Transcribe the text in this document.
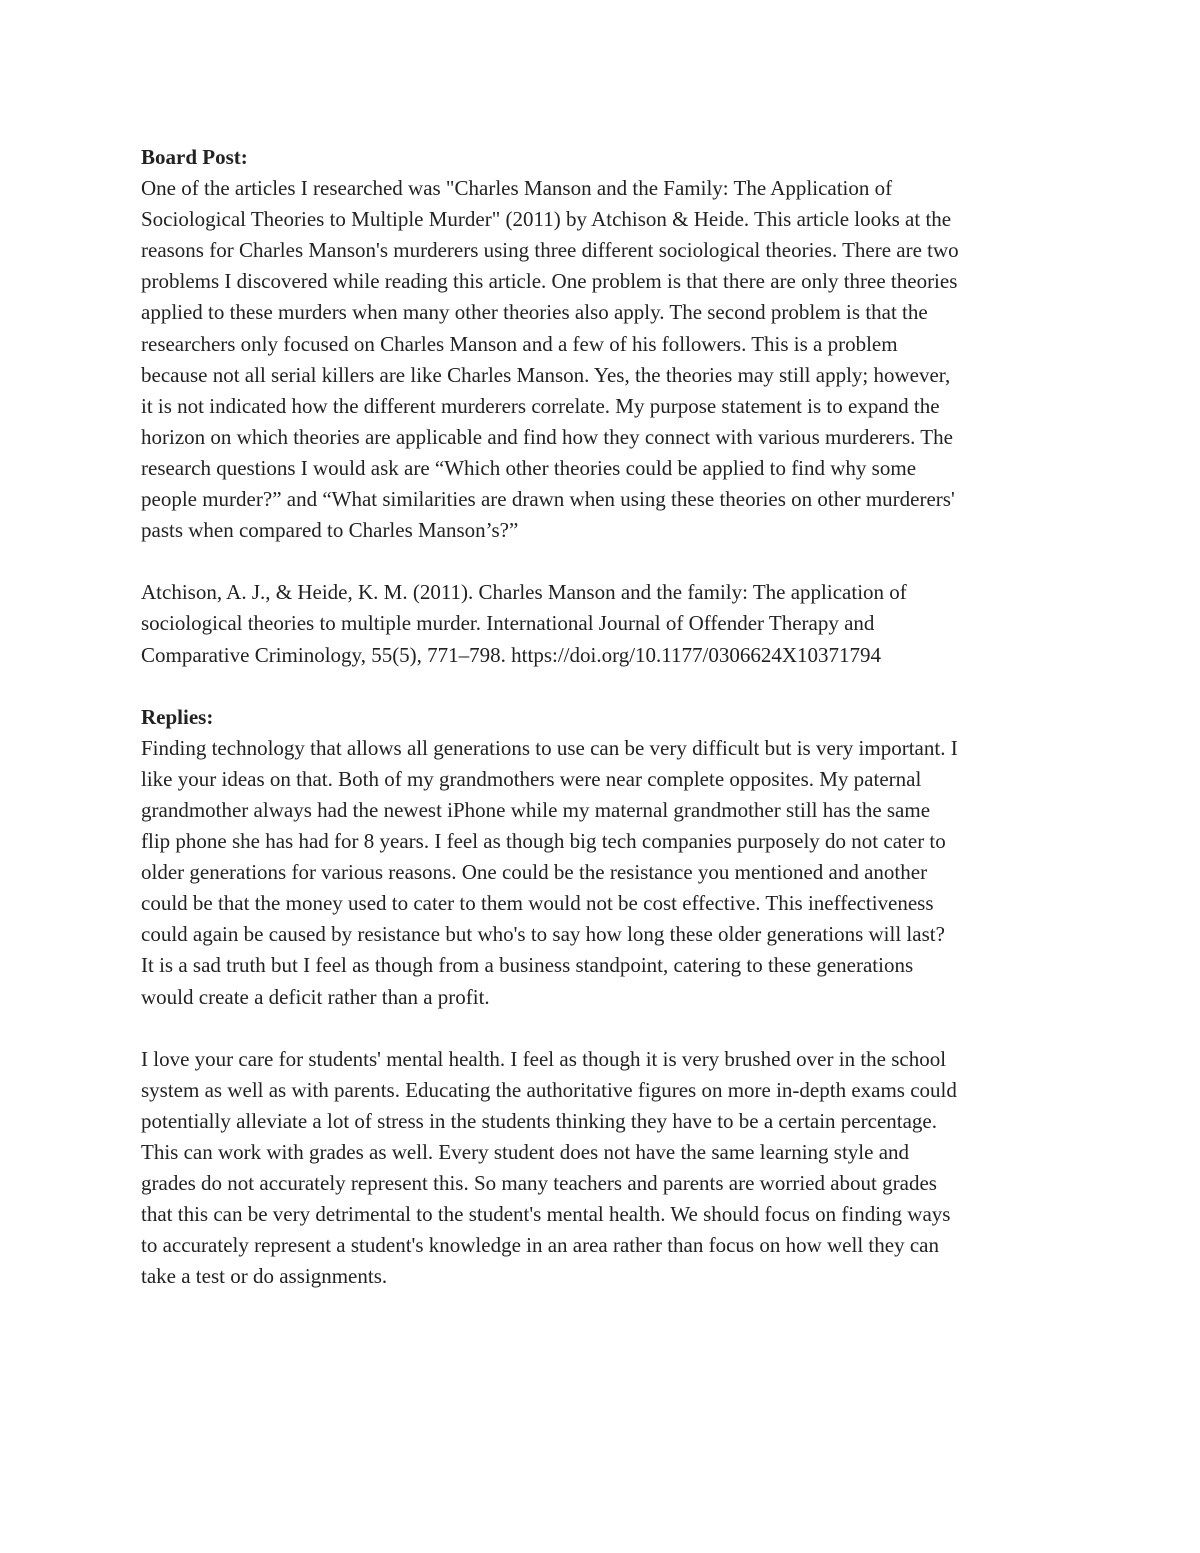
Board Post:

One of the articles I researched was "Charles Manson and the Family: The Application of
Sociological Theories to Multiple Murder" (2011) by Atchison & Heide. This article looks at the
reasons for Charles Manson's murderers using three different sociological theories. There are two
problems I discovered while reading this article. One problem is that there are only three theories
applied to these murders when many other theories also apply. The second problem is that the
researchers only focused on Charles Manson and a few of his followers. This is a problem
because not all serial killers are like Charles Manson. Yes, the theories may still apply; however,
it is not indicated how the different murderers correlate. My purpose statement is to expand the
horizon on which theories are applicable and find how they connect with various murderers. The
research questions I would ask are “Which other theories could be applied to find why some
people murder?” and “What similarities are drawn when using these theories on other murderers'
pasts when compared to Charles Manson’s?”

Atchison, A. J., & Heide, K. M. (2011). Charles Manson and the family: The application of
sociological theories to multiple murder. International Journal of Offender Therapy and
Comparative Criminology, 55(5), 771–798. https://doi.org/10.1177/0306624X10371794

Replies:

Finding technology that allows all generations to use can be very difficult but is very important. I
like your ideas on that. Both of my grandmothers were near complete opposites. My paternal
grandmother always had the newest iPhone while my maternal grandmother still has the same
flip phone she has had for 8 years. I feel as though big tech companies purposely do not cater to
older generations for various reasons. One could be the resistance you mentioned and another
could be that the money used to cater to them would not be cost effective. This ineffectiveness
could again be caused by resistance but who's to say how long these older generations will last?
It is a sad truth but I feel as though from a business standpoint, catering to these generations
would create a deficit rather than a profit.

I love your care for students' mental health. I feel as though it is very brushed over in the school
system as well as with parents. Educating the authoritative figures on more in-depth exams could
potentially alleviate a lot of stress in the students thinking they have to be a certain percentage.
This can work with grades as well. Every student does not have the same learning style and
grades do not accurately represent this. So many teachers and parents are worried about grades
that this can be very detrimental to the student's mental health. We should focus on finding ways
to accurately represent a student's knowledge in an area rather than focus on how well they can
take a test or do assignments.
